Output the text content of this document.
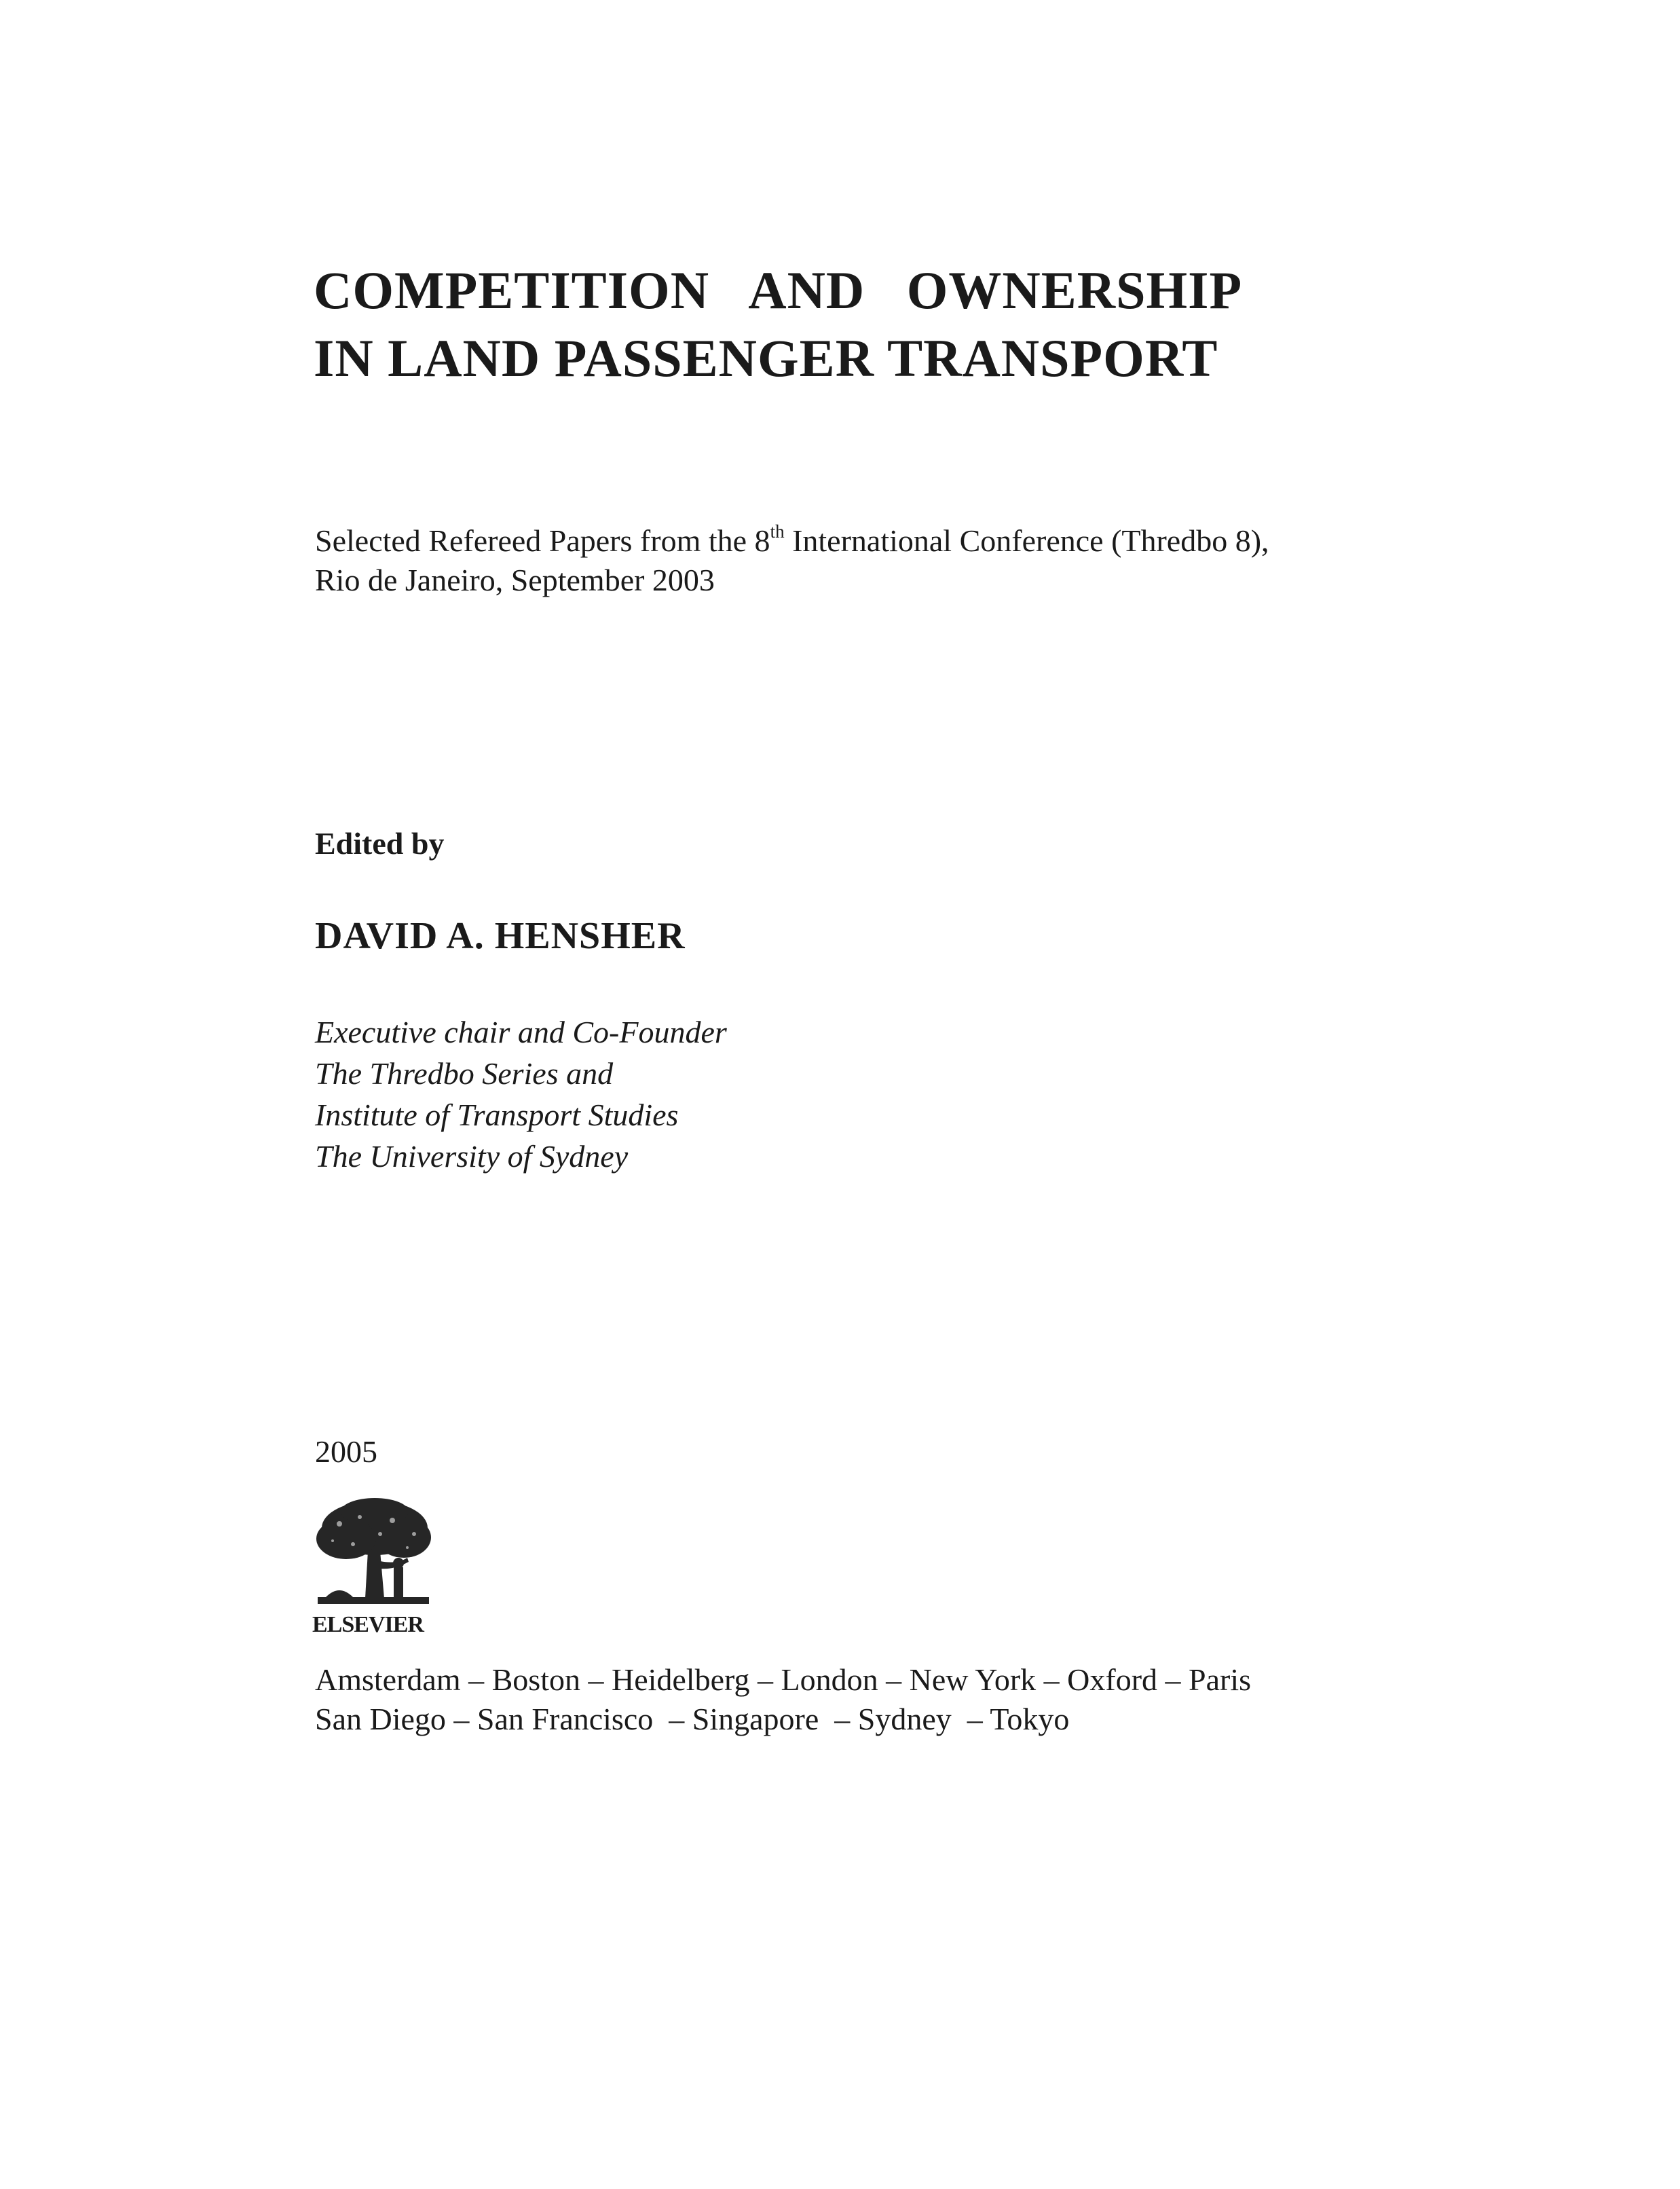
COMPETITION   AND   OWNERSHIP
IN LAND PASSENGER TRANSPORT
Selected Refereed Papers from the 8th International Conference (Thredbo 8),
Rio de Janeiro, September 2003
Edited by
DAVID A. HENSHER
Executive chair and Co-Founder
The Thredbo Series and
Institute of Transport Studies
The University of Sydney
2005
ELSEVIER
Amsterdam – Boston – Heidelberg – London – New York – Oxford – Paris
San Diego – San Francisco  – Singapore  – Sydney  – Tokyo
